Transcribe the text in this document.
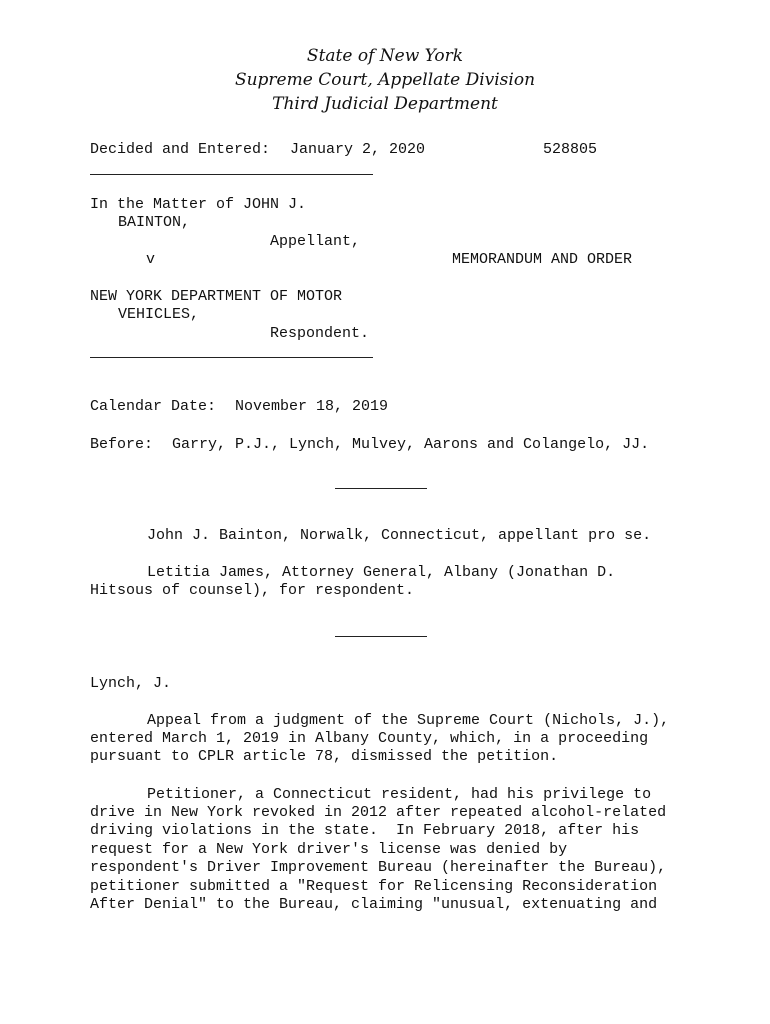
State of New York
Supreme Court, Appellate Division
Third Judicial Department
Decided and Entered: January 2, 2020	528805
In the Matter of JOHN J.
BAINTON,
Appellant,
v	MEMORANDUM AND ORDER
NEW YORK DEPARTMENT OF MOTOR
VEHICLES,
Respondent.
Calendar Date: November 18, 2019
Before: Garry, P.J., Lynch, Mulvey, Aarons and Colangelo, JJ.
John J. Bainton, Norwalk, Connecticut, appellant pro se.
Letitia James, Attorney General, Albany (Jonathan D.
Hitsous of counsel), for respondent.
Lynch, J.
Appeal from a judgment of the Supreme Court (Nichols, J.),
entered March 1, 2019 in Albany County, which, in a proceeding
pursuant to CPLR article 78, dismissed the petition.
Petitioner, a Connecticut resident, had his privilege to
drive in New York revoked in 2012 after repeated alcohol-related
driving violations in the state.  In February 2018, after his
request for a New York driver's license was denied by
respondent's Driver Improvement Bureau (hereinafter the Bureau),
petitioner submitted a "Request for Relicensing Reconsideration
After Denial" to the Bureau, claiming "unusual, extenuating and
